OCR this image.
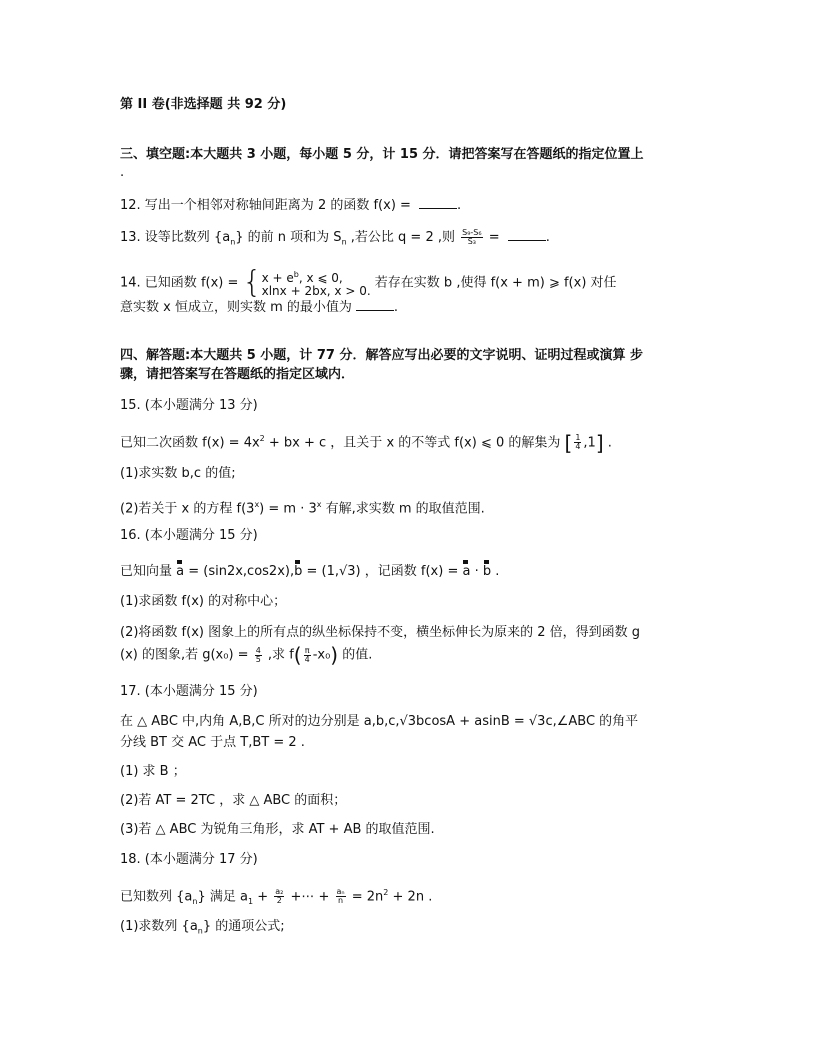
第 II 卷(非选择题 共 92 分)
三、填空题:本大题共 3 小题，每小题 5 分，计 15 分．请把答案写在答题纸的指定位置上
.
12. 写出一个相邻对称轴间距离为 2 的函数 f(x) =	.
13. 设等比数列 $\{a_n\}$ 的前 n 项和为 $S_n$ ,若公比 q = 2 ,则 $\frac{\text{S₉-S₆}}{\text{S₃}}$ =	.
14. 已知函数 f(x) = { $x + e^b$, x ⩽ 0,
xlnx + 2bx, x > 0.
若存在实数 b ,使得 f(x + m) ⩾ f(x) 对任
意实数 x 恒成立，则实数 m 的最小值为	.
四、解答题:本大题共 5 小题，计 77 分．解答应写出必要的文字说明、证明过程或演算 步
骤，请把答案写在答题纸的指定区域内．
15. (本小题满分 13 分)
已知二次函数 $f(x) = 4x^2$ + bx + c ，且关于 x 的不等式 f(x) ⩽ 0 的解集为 [ $\frac{1}{4} ,1$] .
(1)求实数 b,c 的值;
(2)若关于 x 的方程 $f(3^x) = m \cdot 3^x$ 有解,求实数 m 的取值范围.
16. (本小题满分 15 分)
已知向量 a = (sin2x,cos2x),b = (1,√3) ，记函数 f(x) = a · b .
(1)求函数 f(x) 的对称中心；
(2)将函数 f(x) 图象上的所有点的纵坐标保持不变，横坐标伸长为原来的 2 倍，得到函数 g
(x) 的图象,若 $g(x_0) = \frac{4}{5}$ ,求 $f( \frac{\pi}{4} -x_0)$ 的值.
17. (本小题满分 15 分)
在 △ ABC 中,内角 A,B,C 所对的边分别是 a,b,c,√3bcosA + asinB = √3c,∠ABC 的角平
分线 BT 交 AC 于点 T,BT = 2 .
(1) 求 B ；
(2)若 AT = 2TC ，求 △ ABC 的面积；
(3)若 △ ABC 为锐角三角形，求 AT + AB 的取值范围.
18. (本小题满分 17 分)
已知数列 $\{a_n\}$ 满足 $a_1 + \frac{\text{a₂}}{2}$ +⋯ + $\frac{\text{aₙ}}{n} = 2n^2 + 2n$ .
(1)求数列 $\{a_n\}$ 的通项公式;
